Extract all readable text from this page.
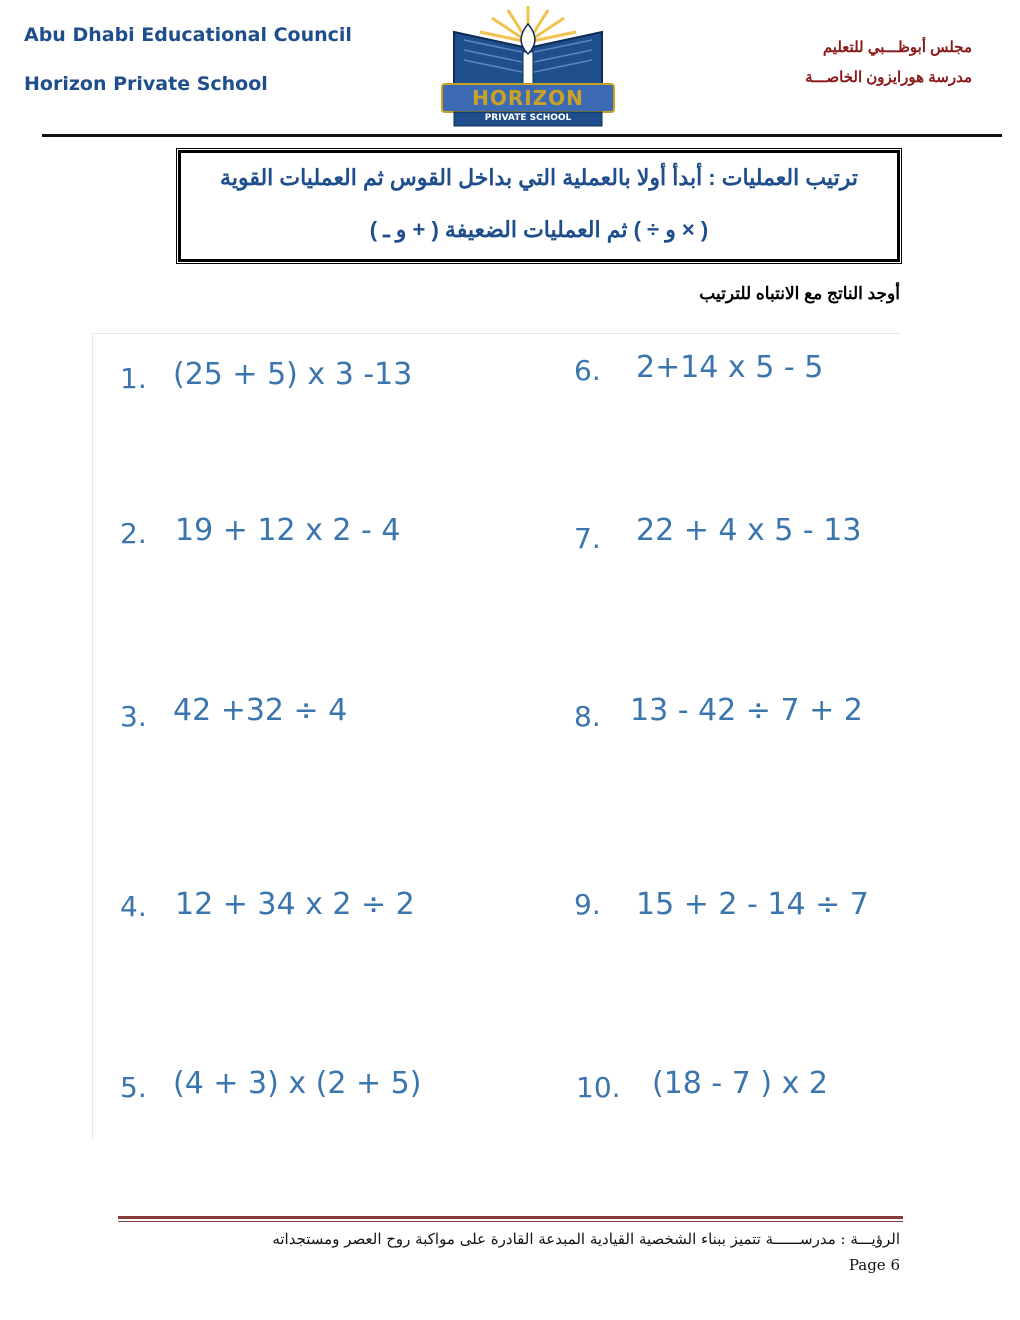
Abu Dhabi Educational Council
Horizon Private School
مجلس أبوظـــبي للتعليم
مدرسة هورايزون الخاصـــة
HORIZON
PRIVATE SCHOOL
ترتيب العمليات : أبدأ أولا بالعملية التي بداخل القوس ثم العمليات القوية
( × و ÷ ) ثم العمليات الضعيفة ( + و ـ )
أوجد الناتج مع الانتباه للترتيب
1. (25 + 5) x 3 -13
2. 19 + 12 x 2 - 4
3. 42 +32 ÷ 4
4. 12 + 34 x 2 ÷ 2
5. (4 + 3) x (2 + 5)
6. 2+14 x 5 - 5
7. 22 + 4 x 5 - 13
8. 13 - 42 ÷ 7 + 2
9. 15 + 2 - 14 ÷ 7
10. (18 - 7 ) x 2
الرؤيـــة : مدرســــــة تتميز ببناء الشخصية القيادية المبدعة القادرة على مواكبة روح العصر ومستجداته
Page 6
